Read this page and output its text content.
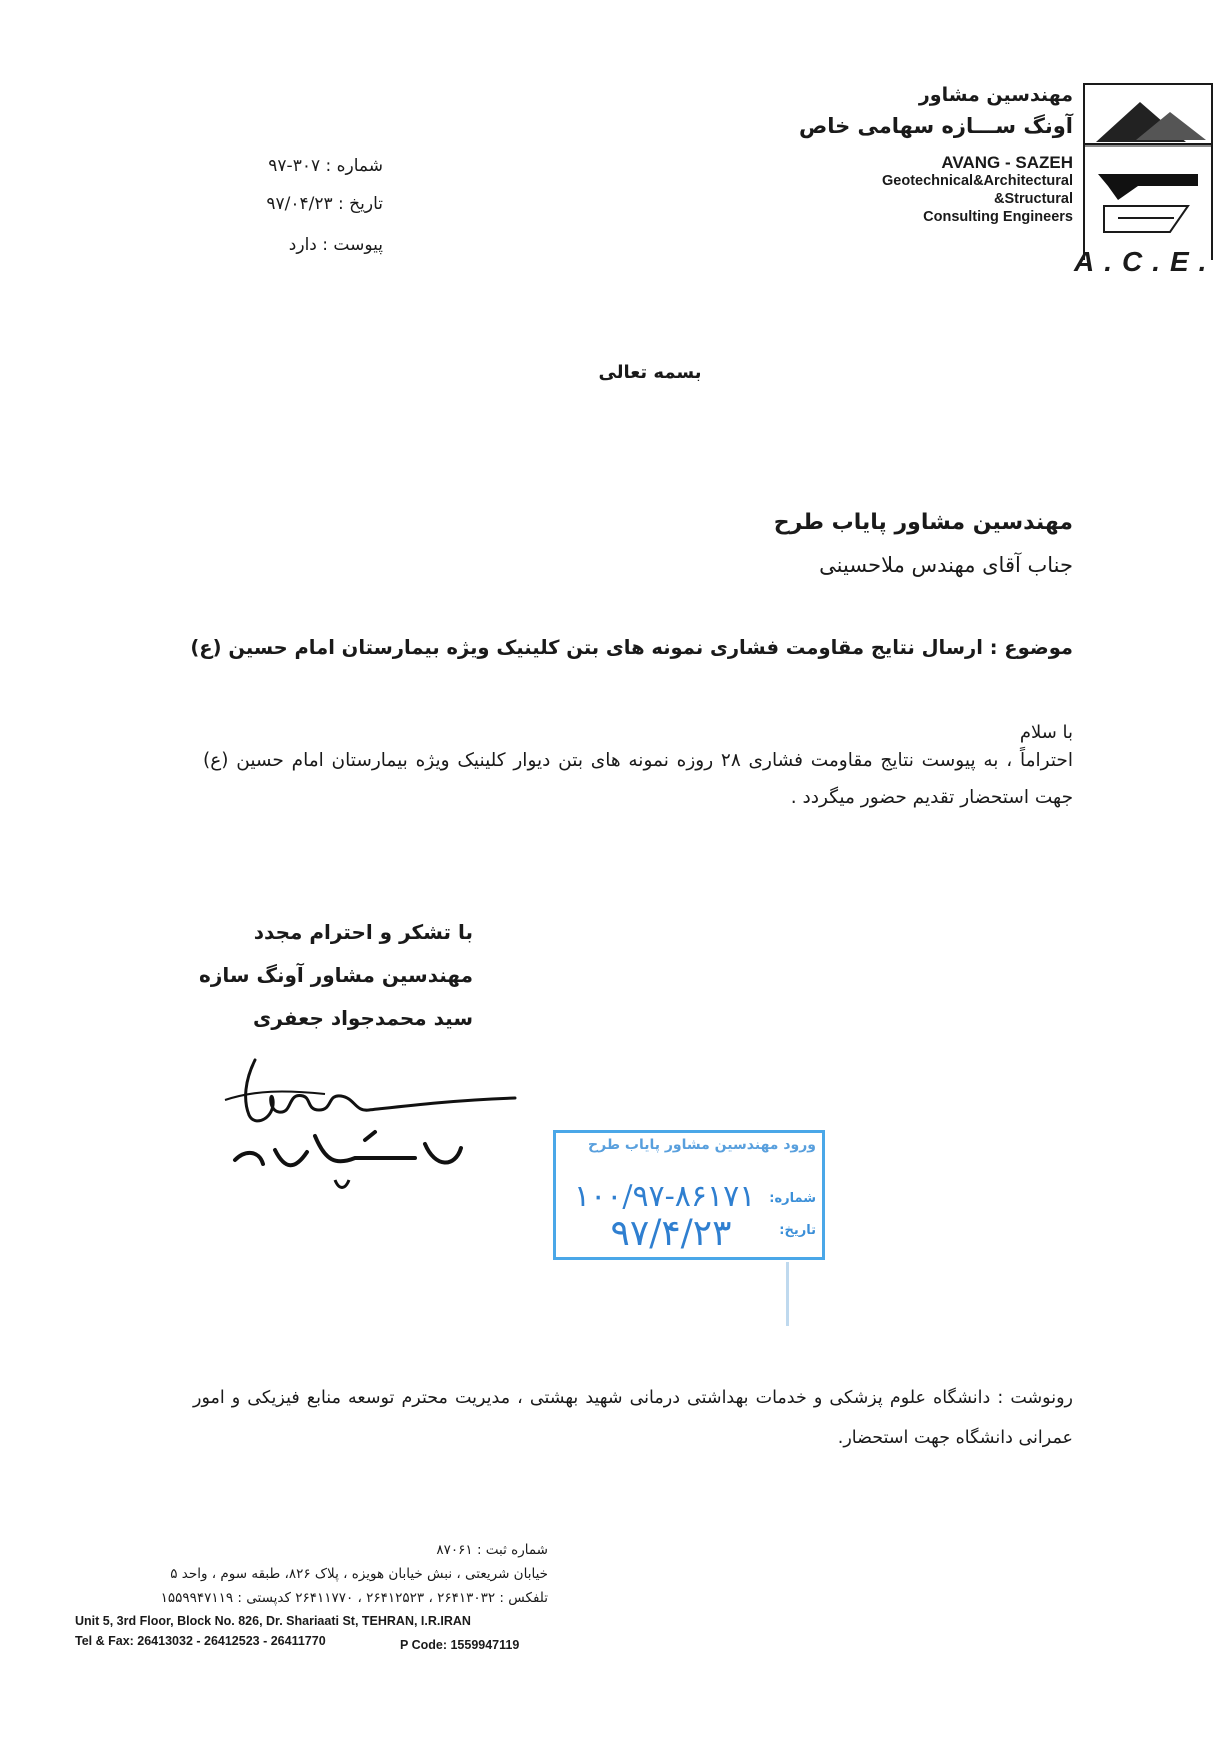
مهندسین مشاور
آونگ ســـازه سهامی خاص
AVANG - SAZEH
Geotechnical&Architectural
&Structural
Consulting Engineers
A.C.E.
شماره : ۳۰۷-۹۷
تاریخ : ۹۷/۰۴/۲۳
پیوست : دارد
بسمه تعالی
مهندسین مشاور پایاب طرح
جناب آقای مهندس ملاحسینی
موضوع : ارسال نتایج مقاومت فشاری نمونه های بتن کلینیک ویژه بیمارستان امام حسین (ع)
با سلام
احتراماً ، به پیوست نتایج مقاومت فشاری ۲۸ روزه نمونه های بتن دیوار کلینیک ویژه بیمارستان امام حسین (ع) جهت استحضار تقدیم حضور میگردد .
با تشکر و احترام مجدد
مهندسین مشاور آونگ سازه
سید محمدجواد جعفری
ورود مهندسین مشاور پایاب طرح
شماره:
۱۰۰/۹۷-۸۶۱۷۱
تاریخ:
۹۷/۴/۲۳
رونوشت : دانشگاه علوم پزشکی و خدمات بهداشتی درمانی شهید بهشتی ، مدیریت محترم توسعه منابع فیزیکی و امور عمرانی دانشگاه جهت استحضار.
شماره ثبت : ۸۷۰۶۱
خیابان شریعتی ، نبش خیابان هویزه ، پلاک ۸۲۶، طبقه سوم ، واحد ۵
تلفکس : ۲۶۴۱۳۰۳۲ ، ۲۶۴۱۲۵۲۳ ، ۲۶۴۱۱۷۷۰ کدپستی : ۱۵۵۹۹۴۷۱۱۹
Unit 5, 3rd Floor, Block No. 826, Dr. Shariaati St, TEHRAN, I.R.IRAN
Tel & Fax: 26413032 - 26412523 - 26411770	P Code: 1559947119
